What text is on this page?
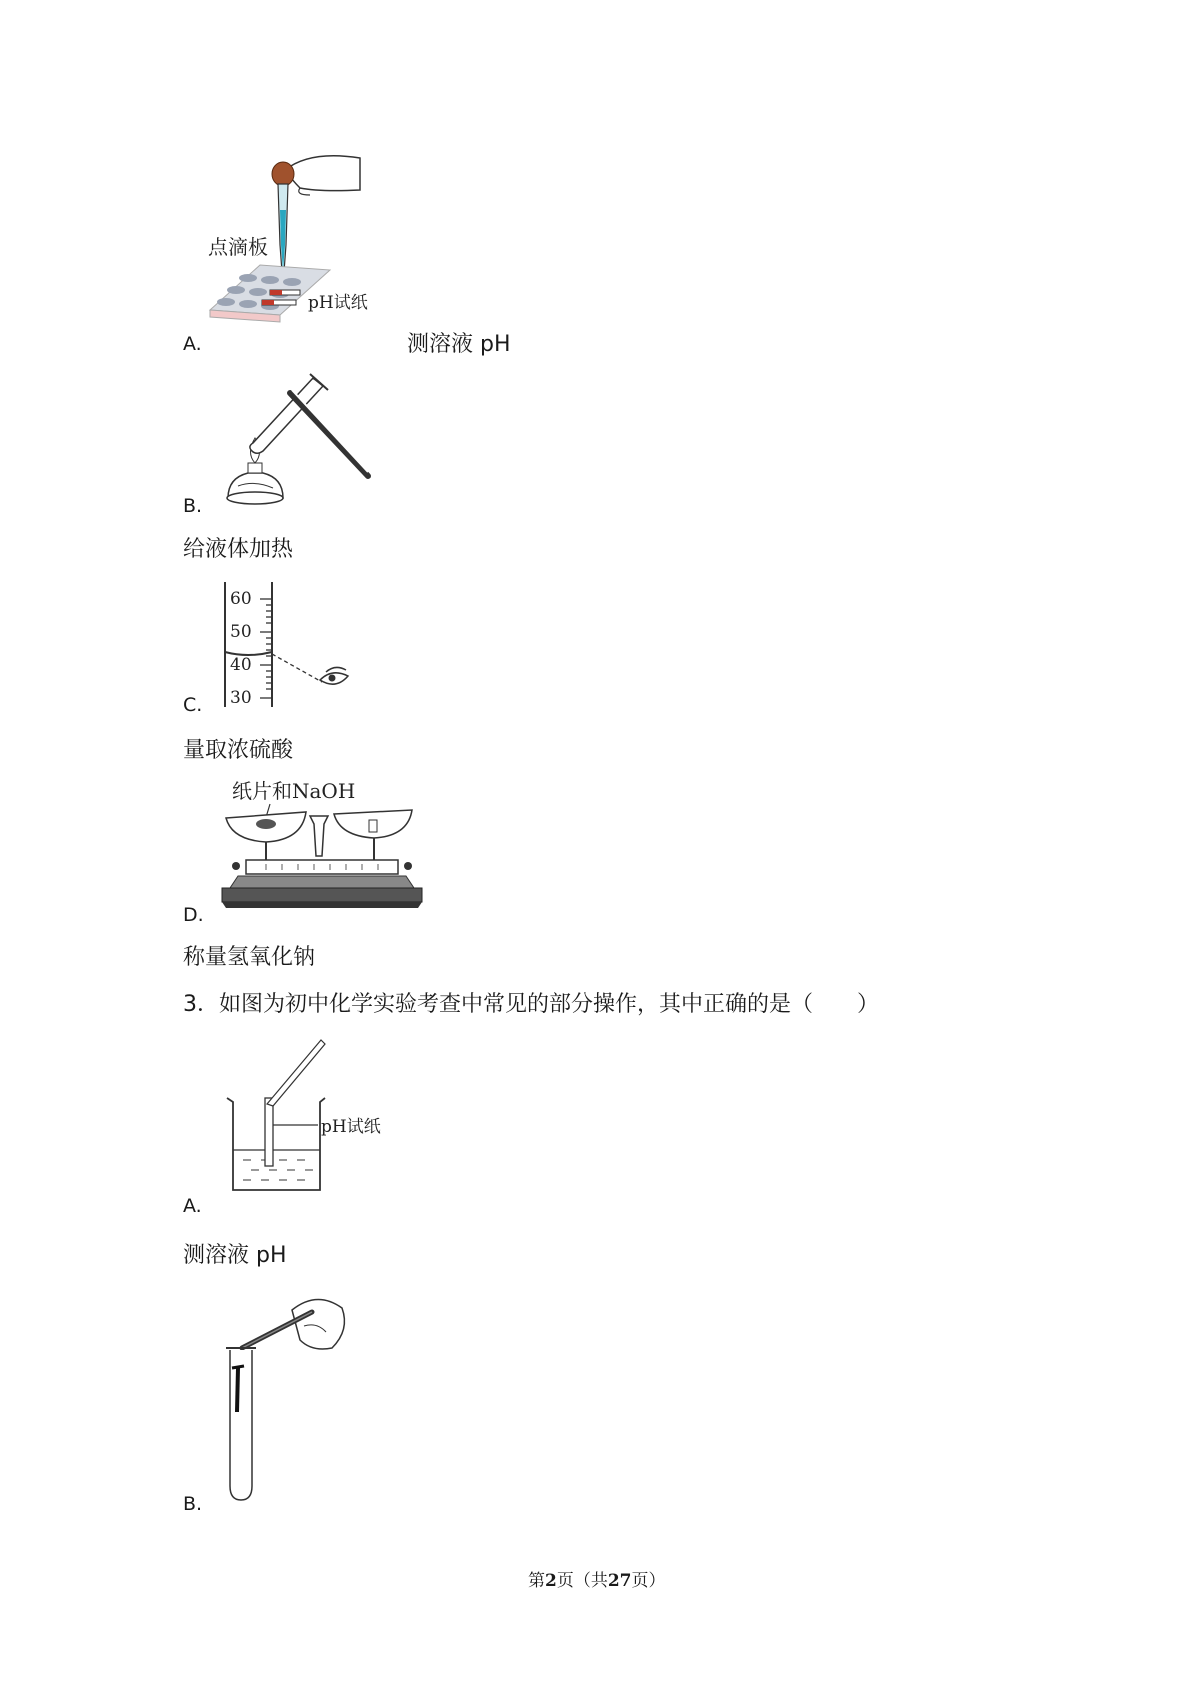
点滴板
pH试纸
A.	测溶液 pH
B.
给液体加热
60
50
40
30
C.
量取浓硫酸
纸片和NaOH
D.
称量氢氧化钠
3．如图为初中化学实验考查中常见的部分操作，其中正确的是（　　）
pH试纸
A.
测溶液 pH
B.
第2页（共27页）
